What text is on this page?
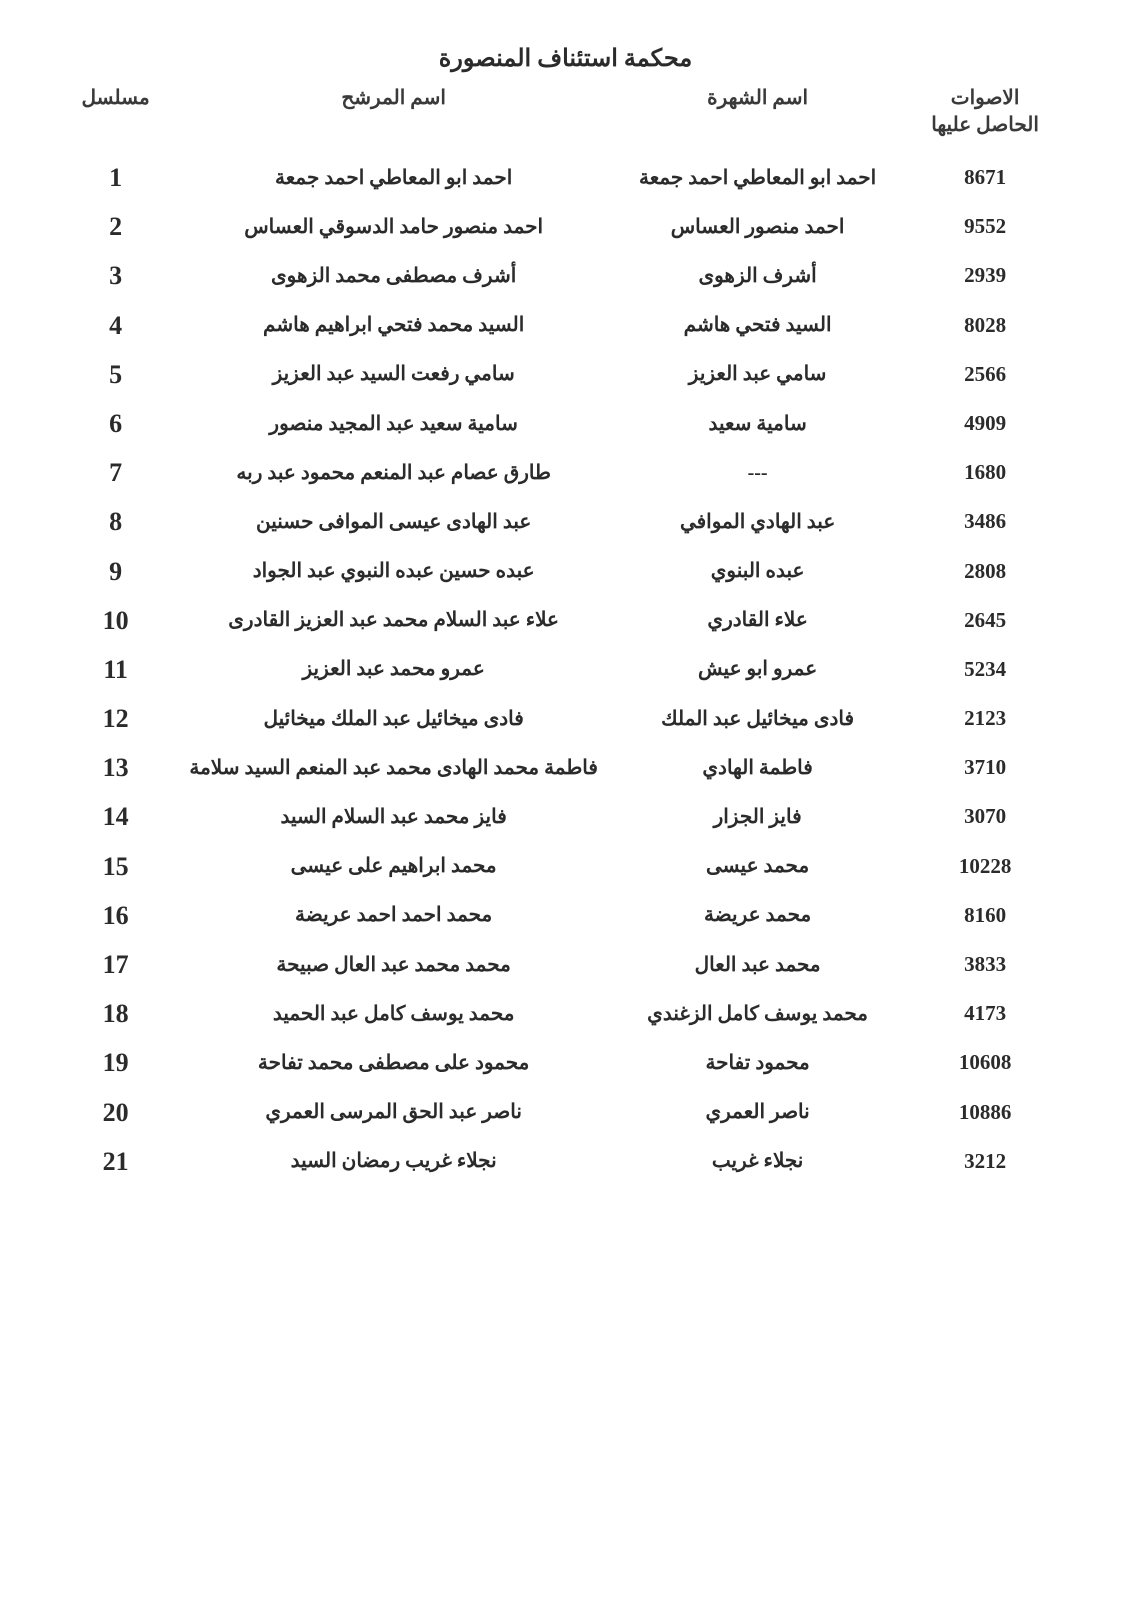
محكمة استئناف المنصورة
الاصوات
الحاصل عليها	اسم الشهرة	اسم المرشح	مسلسل
8671	احمد ابو المعاطي احمد جمعة	احمد ابو المعاطي احمد جمعة	1
9552	احمد منصور العساس	احمد منصور حامد الدسوقي العساس	2
2939	أشرف الزهوى	أشرف مصطفى محمد الزهوى	3
8028	السيد فتحي هاشم	السيد محمد فتحي ابراهيم هاشم	4
2566	سامي عبد العزيز	سامي رفعت السيد عبد العزيز	5
4909	سامية سعيد	سامية سعيد عبد المجيد منصور	6
1680	---	طارق عصام عبد المنعم محمود عبد ربه	7
3486	عبد الهادي الموافي	عبد الهادى عيسى الموافى حسنين	8
2808	عبده البنوي	عبده حسين عبده النبوي عبد الجواد	9
2645	علاء القادري	علاء عبد السلام محمد عبد العزيز القادرى	10
5234	عمرو ابو عيش	عمرو محمد عبد العزيز	11
2123	فادى ميخائيل عبد الملك	فادى ميخائيل عبد الملك ميخائيل	12
3710	فاطمة الهادي	فاطمة محمد الهادى محمد عبد المنعم السيد سلامة	13
3070	فايز الجزار	فايز محمد عبد السلام السيد	14
10228	محمد عيسى	محمد ابراهيم على عيسى	15
8160	محمد عريضة	محمد احمد احمد عريضة	16
3833	محمد عبد العال	محمد محمد عبد العال صبيحة	17
4173	محمد يوسف كامل الزغندي	محمد يوسف كامل عبد الحميد	18
10608	محمود تفاحة	محمود على مصطفى محمد تفاحة	19
10886	ناصر العمري	ناصر عبد الحق المرسى العمري	20
3212	نجلاء غريب	نجلاء غريب رمضان السيد	21
